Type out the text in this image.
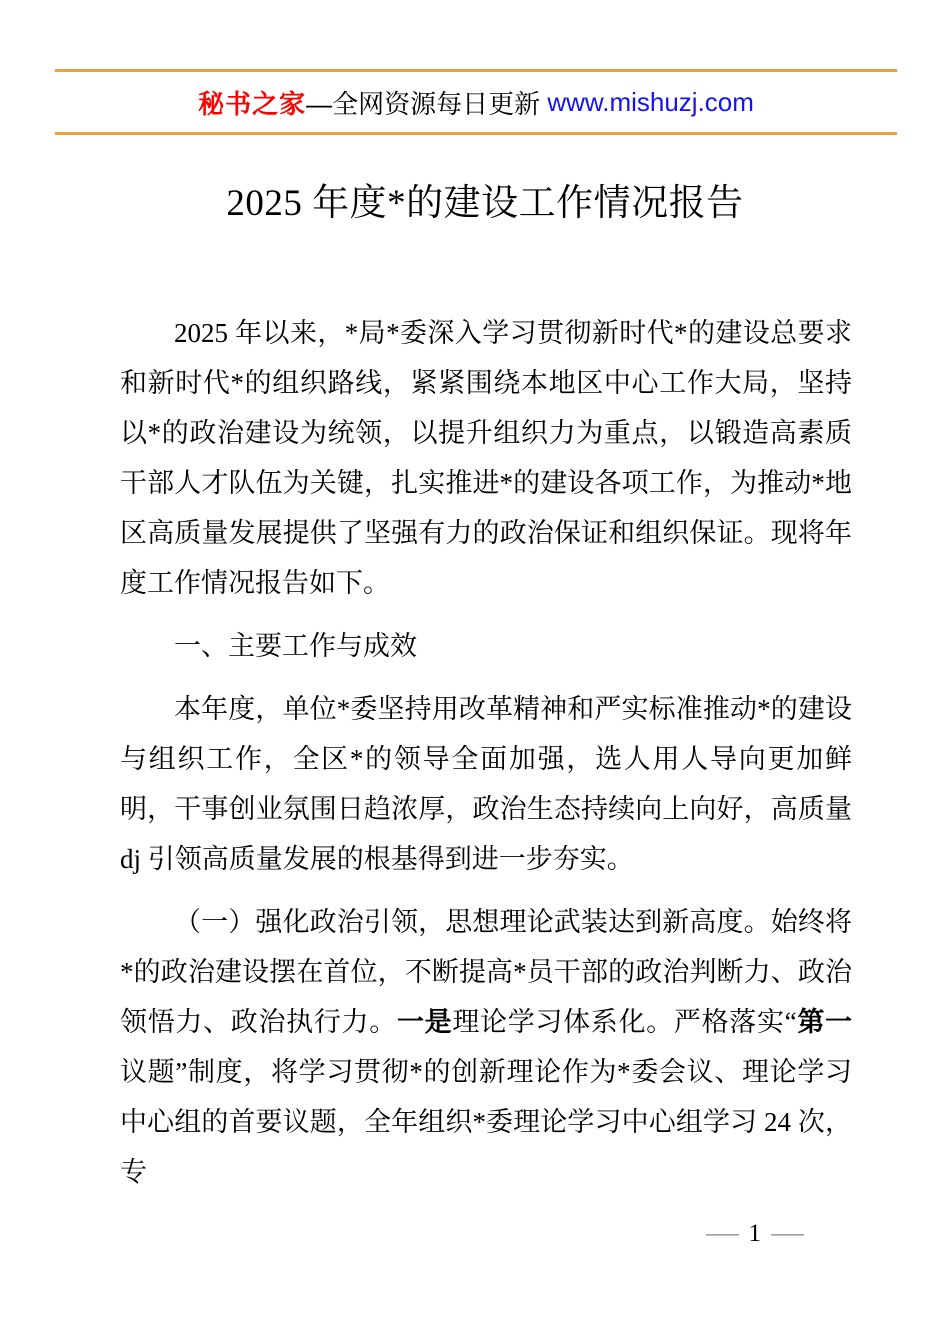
秘书之家 —全网资源每日更新 www.mishuzj.com
2025 年度*的建设工作情况报告

2025 年以来，*局*委深入学习贯彻新时代*的建设总要求和新时代*的组织路线，紧紧围绕本地区中心工作大局，坚持以*的政治建设为统领，以提升组织力为重点，以锻造高素质干部人才队伍为关键，扎实推进*的建设各项工作，为推动*地区高质量发展提供了坚强有力的政治保证和组织保证。现将年度工作情况报告如下。

一、主要工作与成效

本年度，单位*委坚持用改革精神和严实标准推动*的建设与组织工作，全区*的领导全面加强，选人用人导向更加鲜明，干事创业氛围日趋浓厚，政治生态持续向上向好，高质量 dj 引领高质量发展的根基得到进一步夯实。

（一）强化政治引领，思想理论武装达到新高度。始终将*的政治建设摆在首位，不断提高*员干部的政治判断力、政治领悟力、政治执行力。一是理论学习体系化。严格落实“第一议题”制度，将学习贯彻*的创新理论作为*委会议、理论学习中心组的首要议题，全年组织*委理论学习中心组学习 24 次，专

— 1 —
